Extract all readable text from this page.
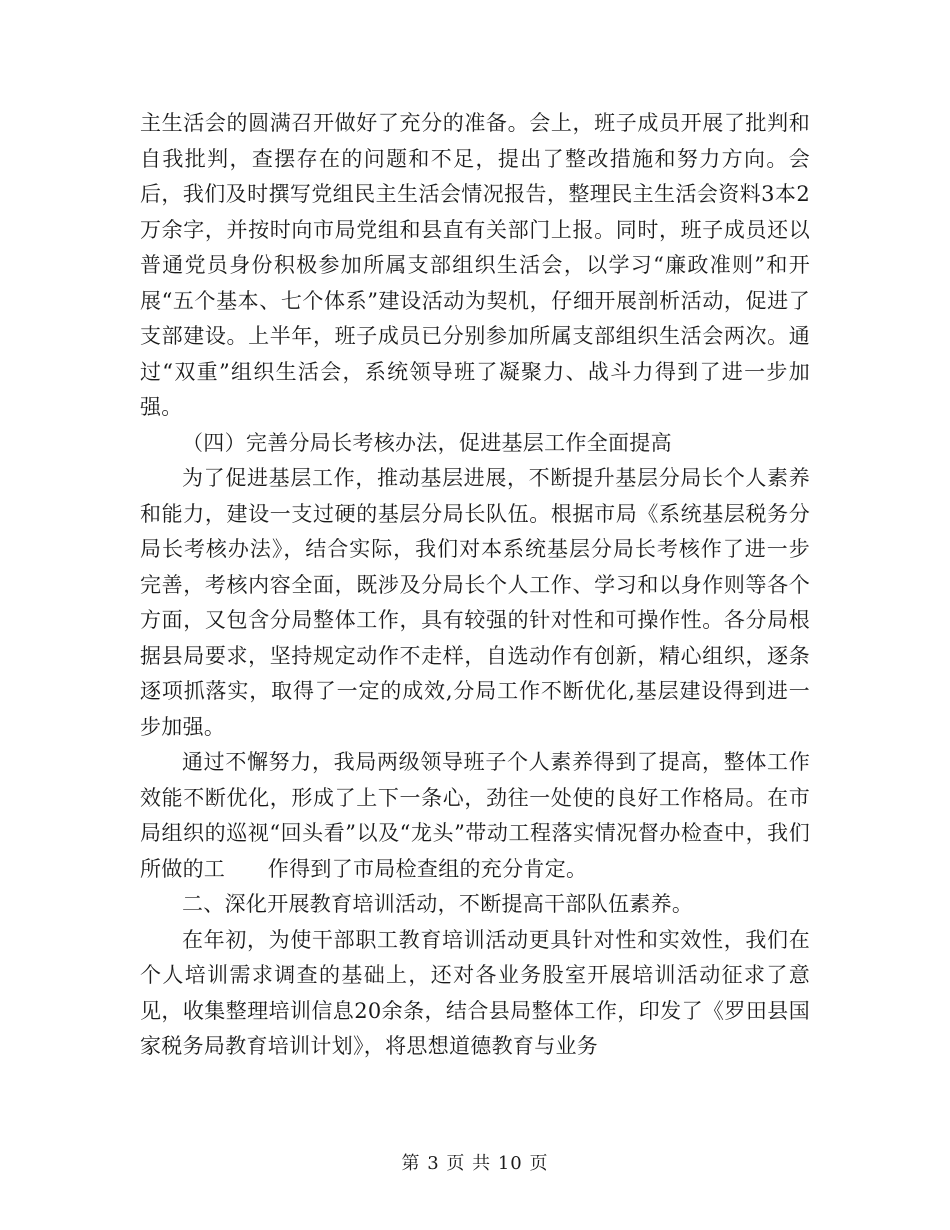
主生活会的圆满召开做好了充分的准备。会上，班子成员开展了批判和自我批判，查摆存在的问题和不足，提出了整改措施和努力方向。会后，我们及时撰写党组民主生活会情况报告，整理民主生活会资料3本2万余字，并按时向市局党组和县直有关部门上报。同时，班子成员还以普通党员身份积极参加所属支部组织生活会，以学习“廉政准则”和开展“五个基本、七个体系”建设活动为契机，仔细开展剖析活动，促进了支部建设。上半年，班子成员已分别参加所属支部组织生活会两次。通过“双重”组织生活会，系统领导班了凝聚力、战斗力得到了进一步加强。

（四）完善分局长考核办法，促进基层工作全面提高

为了促进基层工作，推动基层进展，不断提升基层分局长个人素养和能力，建设一支过硬的基层分局长队伍。根据市局《系统基层税务分局长考核办法》，结合实际，我们对本系统基层分局长考核作了进一步完善，考核内容全面，既涉及分局长个人工作、学习和以身作则等各个方面，又包含分局整体工作，具有较强的针对性和可操作性。各分局根据县局要求，坚持规定动作不走样，自选动作有创新，精心组织，逐条逐项抓落实，取得了一定的成效,分局工作不断优化,基层建设得到进一步加强。

通过不懈努力，我局两级领导班子个人素养得到了提高，整体工作效能不断优化，形成了上下一条心，劲往一处使的良好工作格局。在市局组织的巡视“回头看”以及“龙头”带动工程落实情况督办检查中，我们所做的工　　作得到了市局检查组的充分肯定。

二、深化开展教育培训活动，不断提高干部队伍素养。

在年初，为使干部职工教育培训活动更具针对性和实效性，我们在个人培训需求调查的基础上，还对各业务股室开展培训活动征求了意见，收集整理培训信息20余条，结合县局整体工作，印发了《罗田县国家税务局教育培训计划》，将思想道德教育与业务

第 3 页 共 10 页
